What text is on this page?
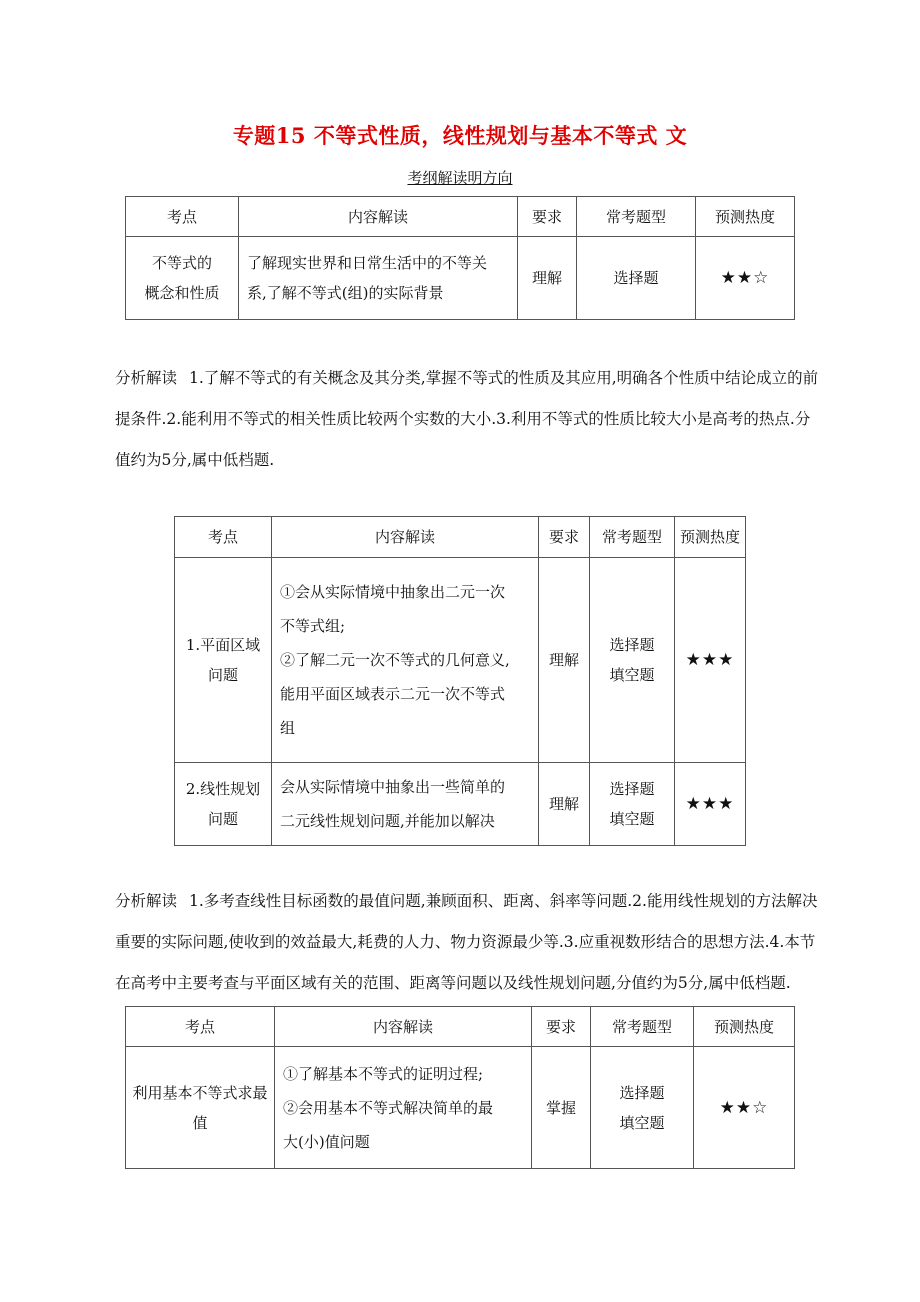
专题15 不等式性质，线性规划与基本不等式 文
考纲解读明方向
考点	内容解读	要求	常考题型	预测热度

不等式的
概念和性质	了解现实世界和日常生活中的不等关
系,了解不等式(组)的实际背景	理解	选择题	★★☆
分析解读 1.了解不等式的有关概念及其分类,掌握不等式的性质及其应用,明确各个性质中结论成立的前
提条件.2.能利用不等式的相关性质比较两个实数的大小.3.利用不等式的性质比较大小是高考的热点.分
值约为5分,属中低档题.
考点	内容解读	要求	常考题型	预测热度

1.平面区域
问题	①会从实际情境中抽象出二元一次
不等式组;
②了解二元一次不等式的几何意义,
能用平面区域表示二元一次不等式
组	理解	选择题
填空题	★★★

2.线性规划
问题	会从实际情境中抽象出一些简单的
二元线性规划问题,并能加以解决	理解	选择题
填空题	★★★
分析解读 1.多考查线性目标函数的最值问题,兼顾面积、距离、斜率等问题.2.能用线性规划的方法解决
重要的实际问题,使收到的效益最大,耗费的人力、物力资源最少等.3.应重视数形结合的思想方法.4.本节
在高考中主要考查与平面区域有关的范围、距离等问题以及线性规划问题,分值约为5分,属中低档题.
考点	内容解读	要求	常考题型	预测热度

利用基本不等式求最
值	①了解基本不等式的证明过程;
②会用基本不等式解决简单的最
大(小)值问题	掌握	选择题
填空题	★★☆
